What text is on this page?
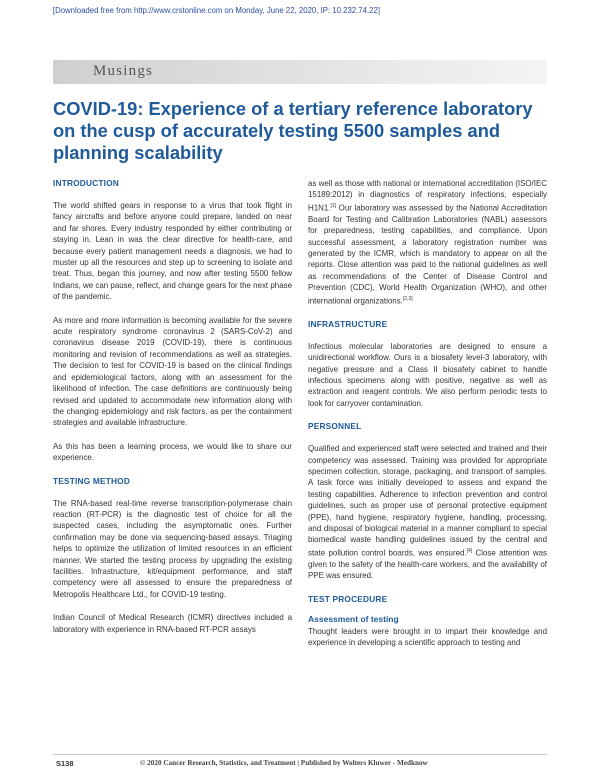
[Downloaded free from http://www.crstonline.com on Monday, June 22, 2020, IP: 10.232.74.22]
Musings
COVID-19: Experience of a tertiary reference laboratory on the cusp of accurately testing 5500 samples and planning scalability
INTRODUCTION

The world shifted gears in response to a virus that took flight in fancy aircrafts and before anyone could prepare, landed on near and far shores. Every industry responded by either contributing or staying in. Lean in was the clear directive for health-care, and because every patient management needs a diagnosis, we had to muster up all the resources and step up to screening to isolate and treat. Thus, began this journey, and now after testing 5500 fellow Indians, we can pause, reflect, and change gears for the next phase of the pandemic.

As more and more information is becoming available for the severe acute respiratory syndrome coronavirus 2 (SARS-CoV-2) and coronavirus disease 2019 (COVID-19), there is continuous monitoring and revision of recommendations as well as strategies. The decision to test for COVID-19 is based on the clinical findings and epidemiological factors, along with an assessment for the likelihood of infection. The case definitions are continuously being revised and updated to accommodate new information along with the changing epidemiology and risk factors, as per the containment strategies and available infrastructure.

As this has been a learning process, we would like to share our experience.

TESTING METHOD

The RNA-based real-time reverse transcription-polymerase chain reaction (RT-PCR) is the diagnostic test of choice for all the suspected cases, including the asymptomatic ones. Further confirmation may be done via sequencing-based assays. Triaging helps to optimize the utilization of limited resources in an efficient manner. We started the testing process by upgrading the existing facilities. Infrastructure, kit/equipment performance, and staff competency were all assessed to ensure the preparedness of Metropolis Healthcare Ltd., for COVID-19 testing.

Indian Council of Medical Research (ICMR) directives included a laboratory with experience in RNA-based RT-PCR assays

as well as those with national or international accreditation (ISO/IEC 15189:2012) in diagnostics of respiratory infections, especially H1N1.[1] Our laboratory was assessed by the National Accreditation Board for Testing and Calibration Laboratories (NABL) assessors for preparedness, testing capabilities, and compliance. Upon successful assessment, a laboratory registration number was generated by the ICMR, which is mandatory to appear on all the reports. Close attention was paid to the national guidelines as well as recommendations of the Center of Disease Control and Prevention (CDC), World Health Organization (WHO), and other international organizations.[2,3]

INFRASTRUCTURE

Infectious molecular laboratories are designed to ensure a unidirectional workflow. Ours is a biosafety level-3 laboratory, with negative pressure and a Class II biosafety cabinet to handle infectious specimens along with positive, negative as well as extraction and reagent controls. We also perform periodic tests to look for carryover contamination.

PERSONNEL

Qualified and experienced staff were selected and trained and their competency was assessed. Training was provided for appropriate specimen collection, storage, packaging, and transport of samples. A task force was initially developed to assess and expand the testing capabilities. Adherence to infection prevention and control guidelines, such as proper use of personal protective equipment (PPE), hand hygiene, respiratory hygiene, handling, processing, and disposal of biological material in a manner compliant to special biomedical waste handling guidelines issued by the central and state pollution control boards, was ensured.[4] Close attention was given to the safety of the health-care workers, and the availability of PPE was ensured.

TEST PROCEDURE
Assessment of testing

Thought leaders were brought in to impart their knowledge and experience in developing a scientific approach to testing and

S138	© 2020 Cancer Research, Statistics, and Treatment | Published by Wolters Kluwer - Medknow
